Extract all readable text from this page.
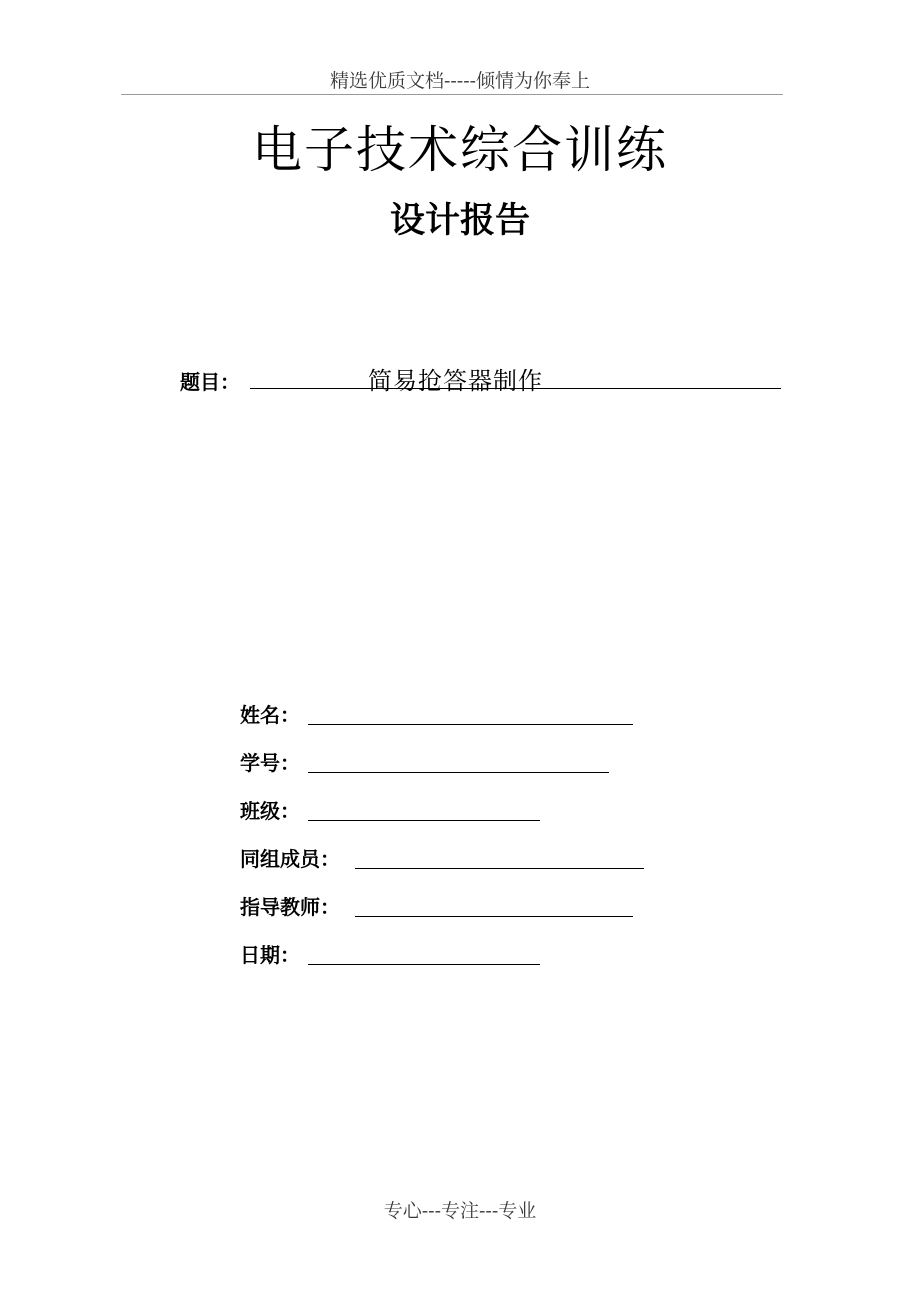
精选优质文档-----倾情为你奉上
电子技术综合训练
设计报告
题目：	简易抢答器制作
姓名：
学号：
班级：
同组成员：
指导教师：
日期：
专心---专注---专业
